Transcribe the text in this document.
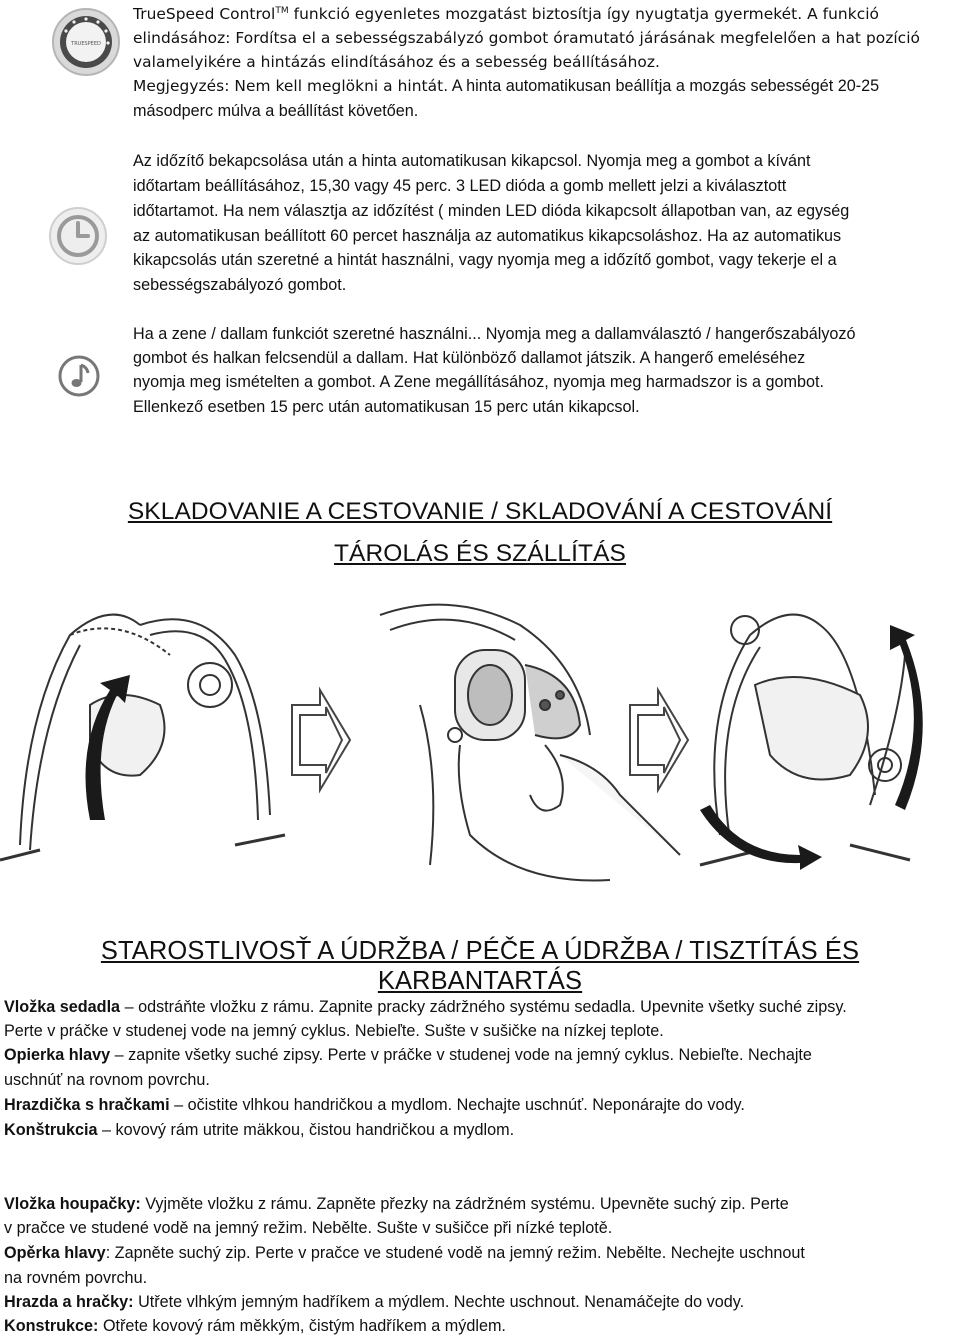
TRUESPEED
TrueSpeed Control™ funkció egyenletes mozgatást biztosítja így nyugtatja gyermekét. A funkció
elindásához: Fordítsa el a sebességszabályzó gombot óramutató járásának megfelelően a hat pozíció
valamelyikére a hintázás elindításához és a sebesség beállításához.
Megjegyzés: Nem kell meglökni a hintát. A hinta automatikusan beállítja a mozgás sebességét 20-25
másodperc múlva a beállítást követően.
Az időzítő bekapcsolása után a hinta automatikusan kikapcsol. Nyomja meg a gombot a kívánt
időtartam beállításához, 15,30 vagy 45 perc. 3 LED dióda a gomb mellett jelzi a kiválasztott
időtartamot. Ha nem választja az időzítést ( minden LED dióda kikapcsolt állapotban van, az egység
az automatikusan beállított 60 percet használja az automatikus kikapcsoláshoz. Ha az automatikus
kikapcsolás után szeretné a hintát használni, vagy nyomja meg a időzítő gombot, vagy tekerje el a
sebességszabályozó gombot.
Ha a zene / dallam funkciót szeretné használni... Nyomja meg a dallamválasztó / hangerőszabályozó
gombot és halkan felcsendül a dallam. Hat különböző dallamot játszik. A hangerő emeléséhez
nyomja meg ismételten a gombot. A Zene megállításához, nyomja meg harmadszor is a gombot.
Ellenkező esetben 15 perc után automatikusan 15 perc után kikapcsol.
SKLADOVANIE A CESTOVANIE / SKLADOVÁNÍ A CESTOVÁNÍ
TÁROLÁS ÉS SZÁLLÍTÁS
STAROSTLIVOSŤ A ÚDRŽBA / PÉČE A ÚDRŽBA / TISZTÍTÁS ÉS KARBANTARTÁS
Vložka sedadla – odstráňte vložku z rámu. Zapnite pracky zádržného systému sedadla. Upevnite všetky suché zipsy.
Perte v práčke v studenej vode na jemný cyklus. Nebieľte. Sušte v sušičke na nízkej teplote.
Opierka hlavy – zapnite všetky suché zipsy. Perte v práčke v studenej vode na jemný cyklus. Nebieľte. Nechajte
uschnúť na rovnom povrchu.
Hrazdička s hračkami – očistite vlhkou handričkou a mydlom. Nechajte uschnúť. Neponárajte do vody.
Konštrukcia – kovový rám utrite mäkkou, čistou handričkou a mydlom.
Vložka houpačky: Vyjměte vložku z rámu. Zapněte přezky na zádržném systému. Upevněte suchý zip. Perte
v pračce ve studené vodě na jemný režim. Nebělte. Sušte v sušičce při nízké teplotě.
Opěrka hlavy: Zapněte suchý zip. Perte v pračce ve studené vodě na jemný režim. Nebělte. Nechejte uschnout
na rovném povrchu.
Hrazda a hračky: Utřete vlhkým jemným hadříkem a mýdlem. Nechte uschnout. Nenamáčejte do vody.
Konstrukce: Otřete kovový rám měkkým, čistým hadříkem a mýdlem.
